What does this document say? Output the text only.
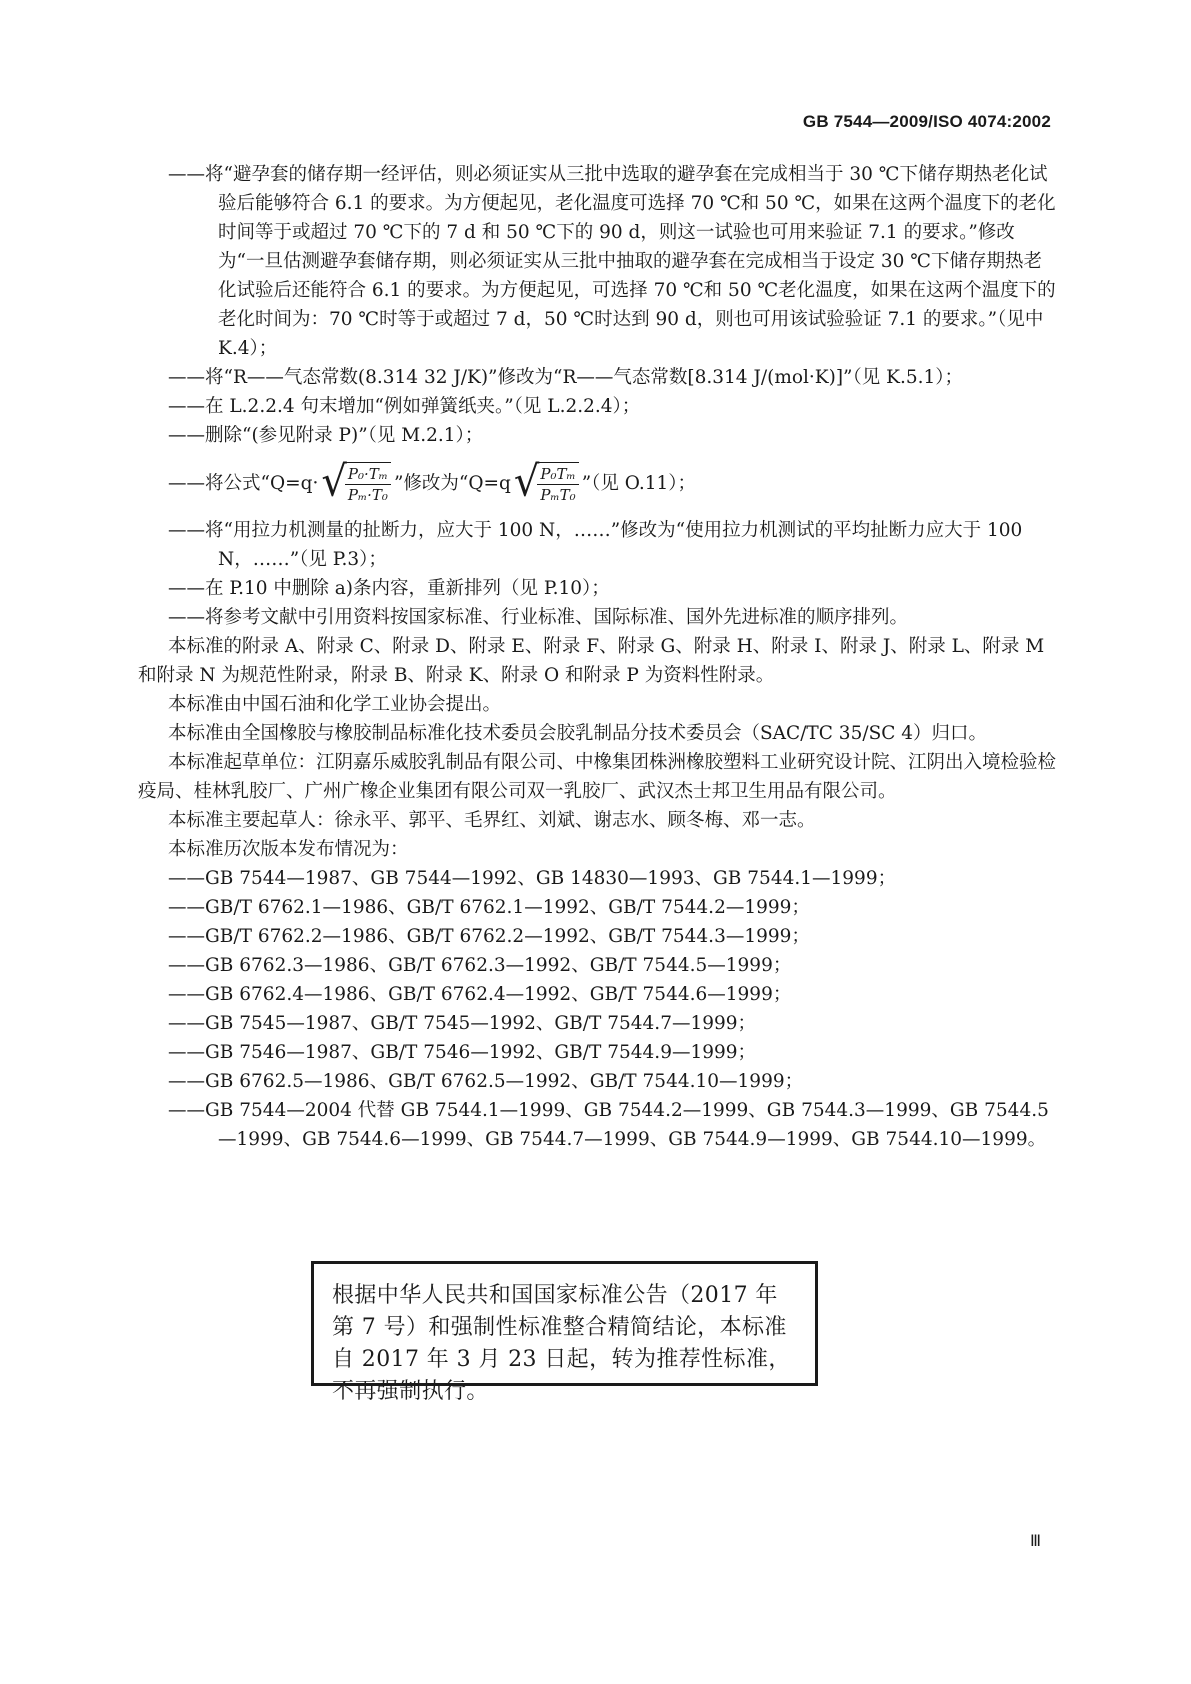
GB 7544—2009/ISO 4074:2002

——将“避孕套的储存期一经评估，则必须证实从三批中选取的避孕套在完成相当于 30 ℃下储存期热老化试验后能够符合 6.1 的要求。为方便起见，老化温度可选择 70 ℃和 50 ℃，如果在这两个温度下的老化时间等于或超过 70 ℃下的 7 d 和 50 ℃下的 90 d，则这一试验也可用来验证 7.1 的要求。”修改为“一旦估测避孕套储存期，则必须证实从三批中抽取的避孕套在完成相当于设定 30 ℃下储存期热老化试验后还能符合 6.1 的要求。为方便起见，可选择 70 ℃和 50 ℃老化温度，如果在这两个温度下的老化时间为：70 ℃时等于或超过 7 d，50 ℃时达到 90 d，则也可用该试验验证 7.1 的要求。”（见中 K.4）；

——将“R——气态常数(8.314 32 J/K)”修改为“R——气态常数[8.314 J/(mol·K)]”（见 K.5.1）；

——在 L.2.2.4 句末增加“例如弹簧纸夹。”（见 L.2.2.4）；

——删除“(参见附录 P)”（见 M.2.1）；

——将公式“Q=q· √
$\frac{\text{P₀·Tₘ}}{\text{Pₘ·T₀}}$ ”修改为“Q=q √
$\frac{\text{P₀Tₘ}}{\text{PₘT₀}}$ ”（见 O.11）；

——将“用拉力机测量的扯断力，应大于 100 N，……”修改为“使用拉力机测试的平均扯断力应大于 100 N，……”（见 P.3）；

——在 P.10 中删除 a)条内容，重新排列（见 P.10）；

——将参考文献中引用资料按国家标准、行业标准、国际标准、国外先进标准的顺序排列。

本标准的附录 A、附录 C、附录 D、附录 E、附录 F、附录 G、附录 H、附录 I、附录 J、附录 L、附录 M 和附录 N 为规范性附录，附录 B、附录 K、附录 O 和附录 P 为资料性附录。

本标准由中国石油和化学工业协会提出。

本标准由全国橡胶与橡胶制品标准化技术委员会胶乳制品分技术委员会（SAC/TC 35/SC 4）归口。

本标准起草单位：江阴嘉乐威胶乳制品有限公司、中橡集团株洲橡胶塑料工业研究设计院、江阴出入境检验检疫局、桂林乳胶厂、广州广橡企业集团有限公司双一乳胶厂、武汉杰士邦卫生用品有限公司。

本标准主要起草人：徐永平、郭平、毛界红、刘斌、谢志水、顾冬梅、邓一志。

本标准历次版本发布情况为：

——GB 7544—1987、GB 7544—1992、GB 14830—1993、GB 7544.1—1999；

——GB/T 6762.1—1986、GB/T 6762.1—1992、GB/T 7544.2—1999；

——GB/T 6762.2—1986、GB/T 6762.2—1992、GB/T 7544.3—1999；

——GB 6762.3—1986、GB/T 6762.3—1992、GB/T 7544.5—1999；

——GB 6762.4—1986、GB/T 6762.4—1992、GB/T 7544.6—1999；

——GB 7545—1987、GB/T 7545—1992、GB/T 7544.7—1999；

——GB 7546—1987、GB/T 7546—1992、GB/T 7544.9—1999；

——GB 6762.5—1986、GB/T 6762.5—1992、GB/T 7544.10—1999；

——GB 7544—2004 代替 GB 7544.1—1999、GB 7544.2—1999、GB 7544.3—1999、GB 7544.5—1999、GB 7544.6—1999、GB 7544.7—1999、GB 7544.9—1999、GB 7544.10—1999。

根据中华人民共和国国家标准公告（2017 年第 7 号）和强制性标准整合精简结论，本标准自 2017 年 3 月 23 日起，转为推荐性标准，不再强制执行。
Ⅲ
